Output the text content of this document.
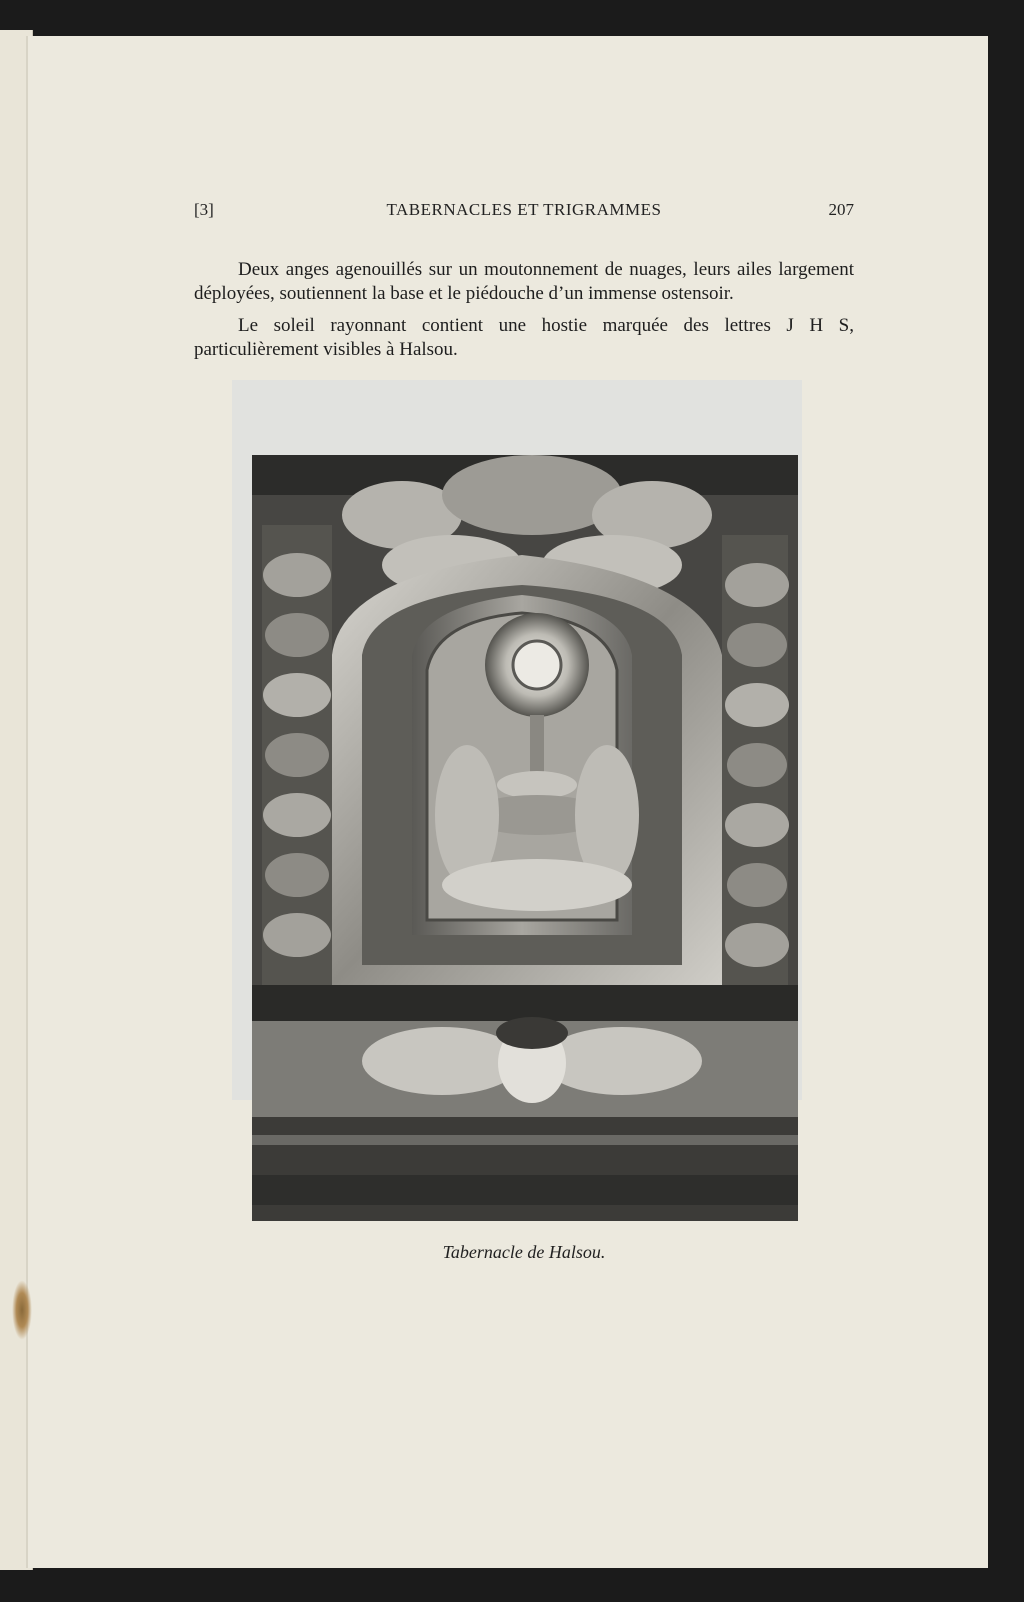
[3]	TABERNACLES ET TRIGRAMMES	207

Deux anges agenouillés sur un moutonnement de nuages, leurs ailes largement déployées, soutiennent la base et le piédouche d’un immense ostensoir.

Le soleil rayonnant contient une hostie marquée des lettres J H S, particulièrement visibles à Halsou.

Tabernacle de Halsou.
